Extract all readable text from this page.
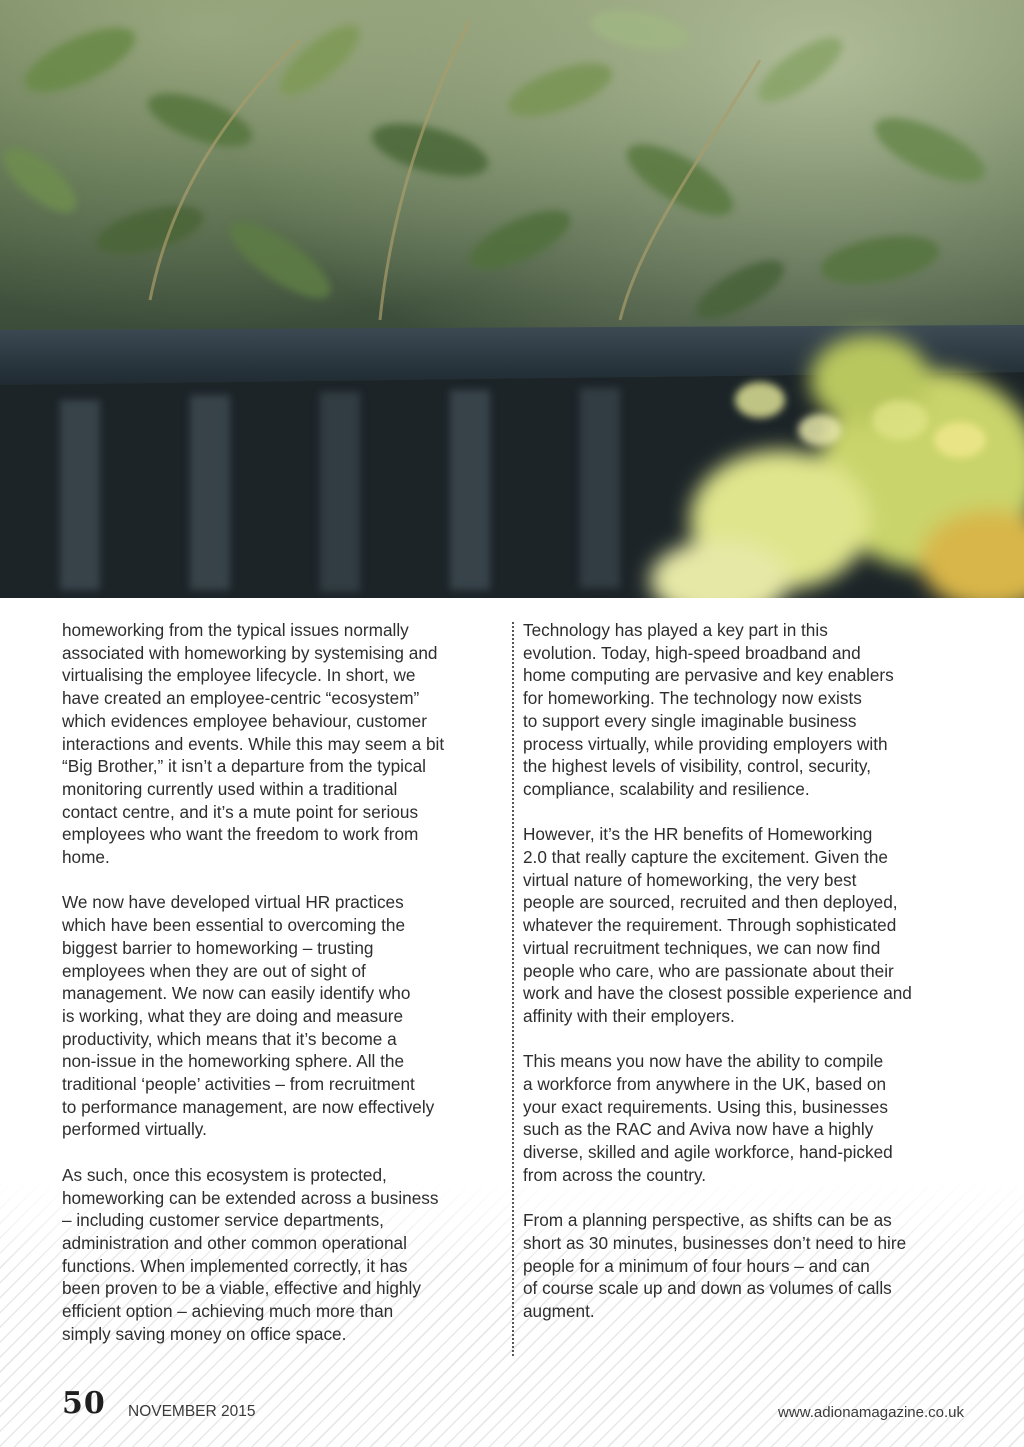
homeworking from the typical issues normally
associated with homeworking by systemising and
virtualising the employee lifecycle. In short, we
have created an employee-centric “ecosystem”
which evidences employee behaviour, customer
interactions and events. While this may seem a bit
“Big Brother,” it isn’t a departure from the typical
monitoring currently used within a traditional
contact centre, and it’s a mute point for serious
employees who want the freedom to work from
home.

We now have developed virtual HR practices
which have been essential to overcoming the
biggest barrier to homeworking – trusting
employees when they are out of sight of
management. We now can easily identify who
is working, what they are doing and measure
productivity, which means that it’s become a
non-issue in the homeworking sphere. All the
traditional ‘people’ activities – from recruitment
to performance management, are now effectively
performed virtually.

As such, once this ecosystem is protected,
homeworking can be extended across a business
– including customer service departments,
administration and other common operational
functions. When implemented correctly, it has
been proven to be a viable, effective and highly
efficient option – achieving much more than
simply saving money on office space.

Technology has played a key part in this
evolution. Today, high-speed broadband and
home computing are pervasive and key enablers
for homeworking. The technology now exists
to support every single imaginable business
process virtually, while providing employers with
the highest levels of visibility, control, security,
compliance, scalability and resilience.

However, it’s the HR benefits of Homeworking
2.0 that really capture the excitement. Given the
virtual nature of homeworking, the very best
people are sourced, recruited and then deployed,
whatever the requirement. Through sophisticated
virtual recruitment techniques, we can now find
people who care, who are passionate about their
work and have the closest possible experience and
affinity with their employers.

This means you now have the ability to compile
a workforce from anywhere in the UK, based on
your exact requirements. Using this, businesses
such as the RAC and Aviva now have a highly
diverse, skilled and agile workforce, hand-picked
from across the country.

From a planning perspective, as shifts can be as
short as 30 minutes, businesses don’t need to hire
people for a minimum of four hours – and can
of course scale up and down as volumes of calls
augment.

50 NOVEMBER 2015	www.adionamagazine.co.uk
